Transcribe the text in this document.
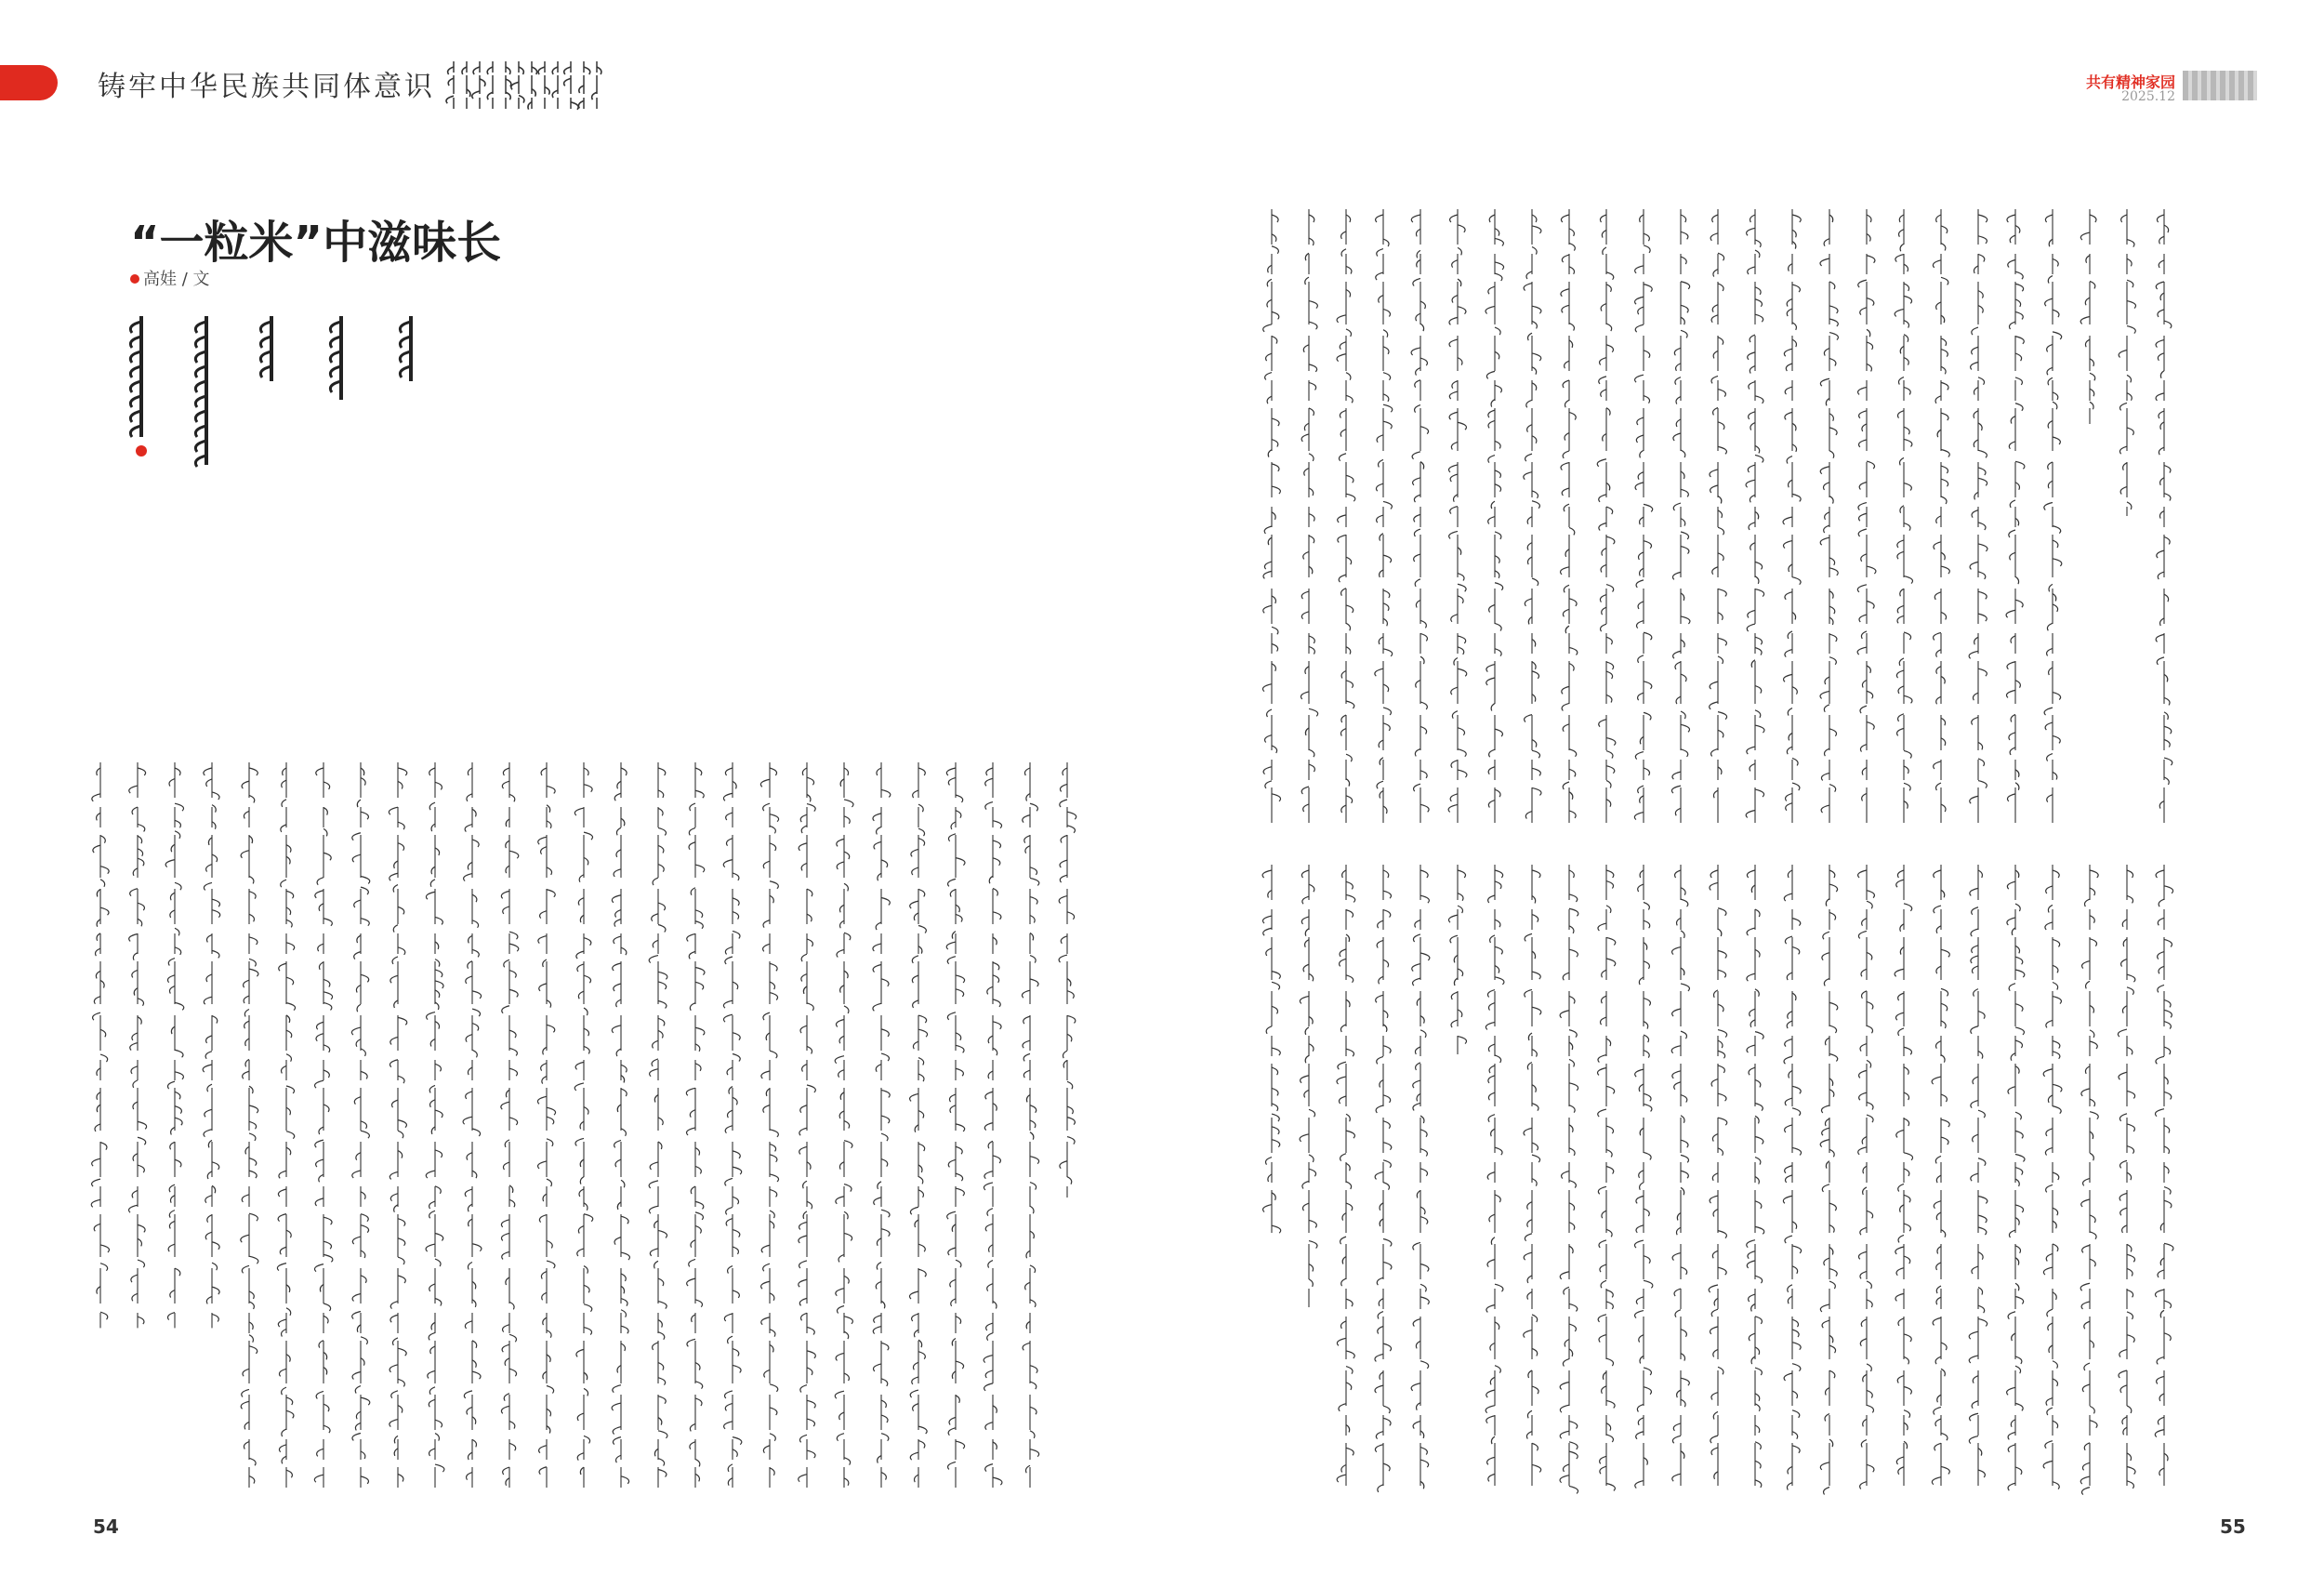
铸牢中华民族共同体意识	共有精神家园
2025.12
“一粒米”中滋味长
高娃 / 文
54	55
